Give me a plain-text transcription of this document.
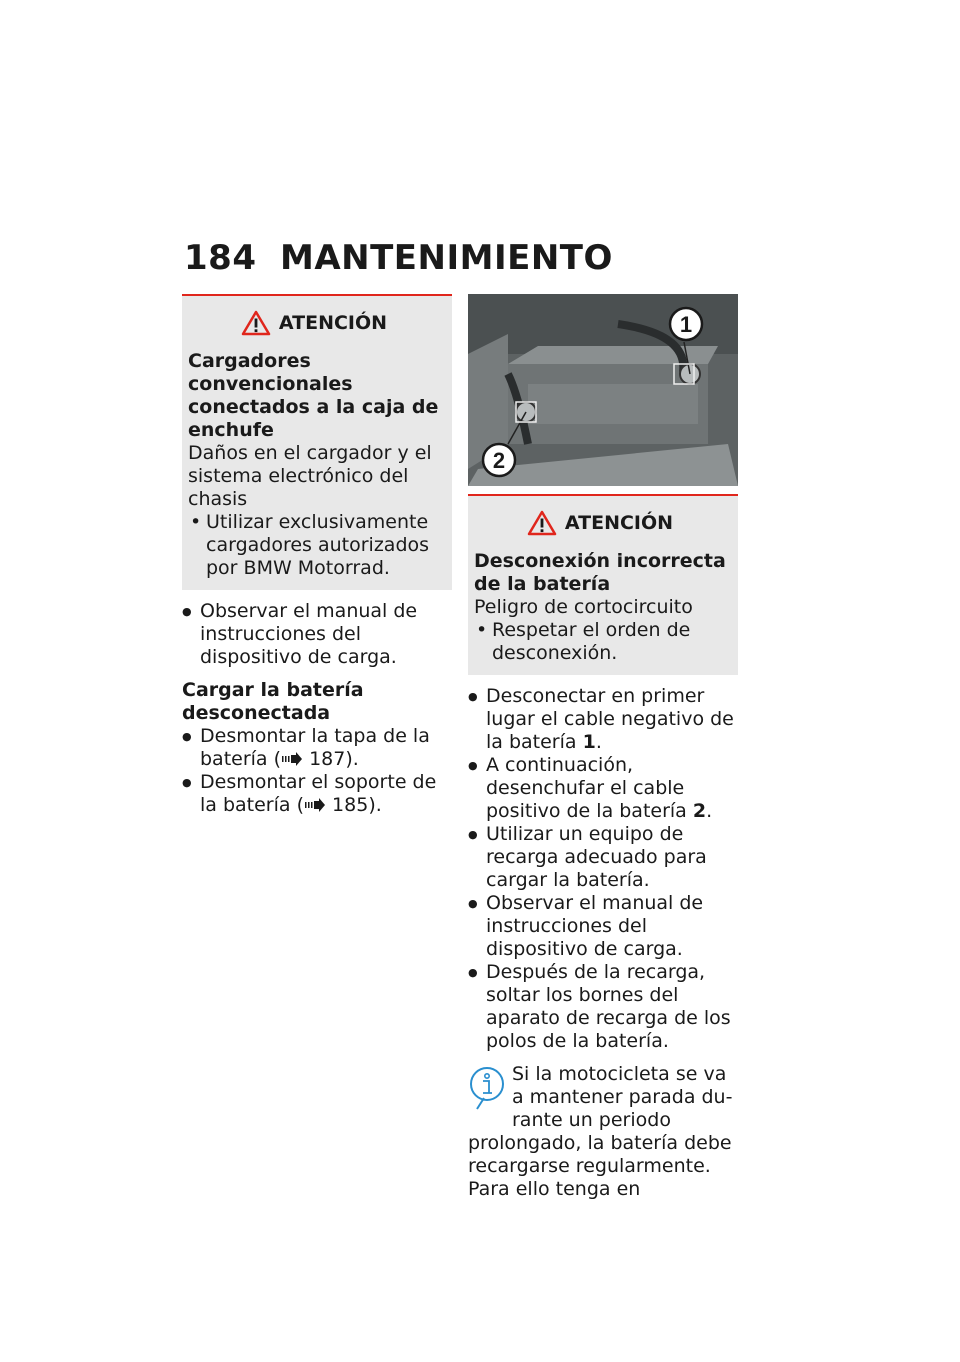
184 MANTENIMIENTO
ATENCIÓN
Cargadores convencionales conectados a la caja de enchufe
Daños en el cargador y el sistema electrónico del chasis
• Utilizar exclusivamente cargadores autorizados por BMW Motorrad.
● Observar el manual de instrucciones del dispositivo de carga.
Cargar la batería desconectada
● Desmontar la tapa de la batería ( 187).
● Desmontar el soporte de la batería ( 185).
1
2
ATENCIÓN
Desconexión incorrecta de la batería
Peligro de cortocircuito
• Respetar el orden de desconexión.
● Desconectar en primer lugar el cable negativo de la batería 1.
● A continuación, desenchufar el cable positivo de la batería 2.
● Utilizar un equipo de recarga adecuado para cargar la batería.
● Observar el manual de instrucciones del dispositivo de carga.
● Después de la recarga, soltar los bornes del aparato de recarga de los polos de la batería.
Si la motocicleta se va a mantener parada durante un periodo prolongado, la batería debe recargarse regularmente. Para ello tenga en
